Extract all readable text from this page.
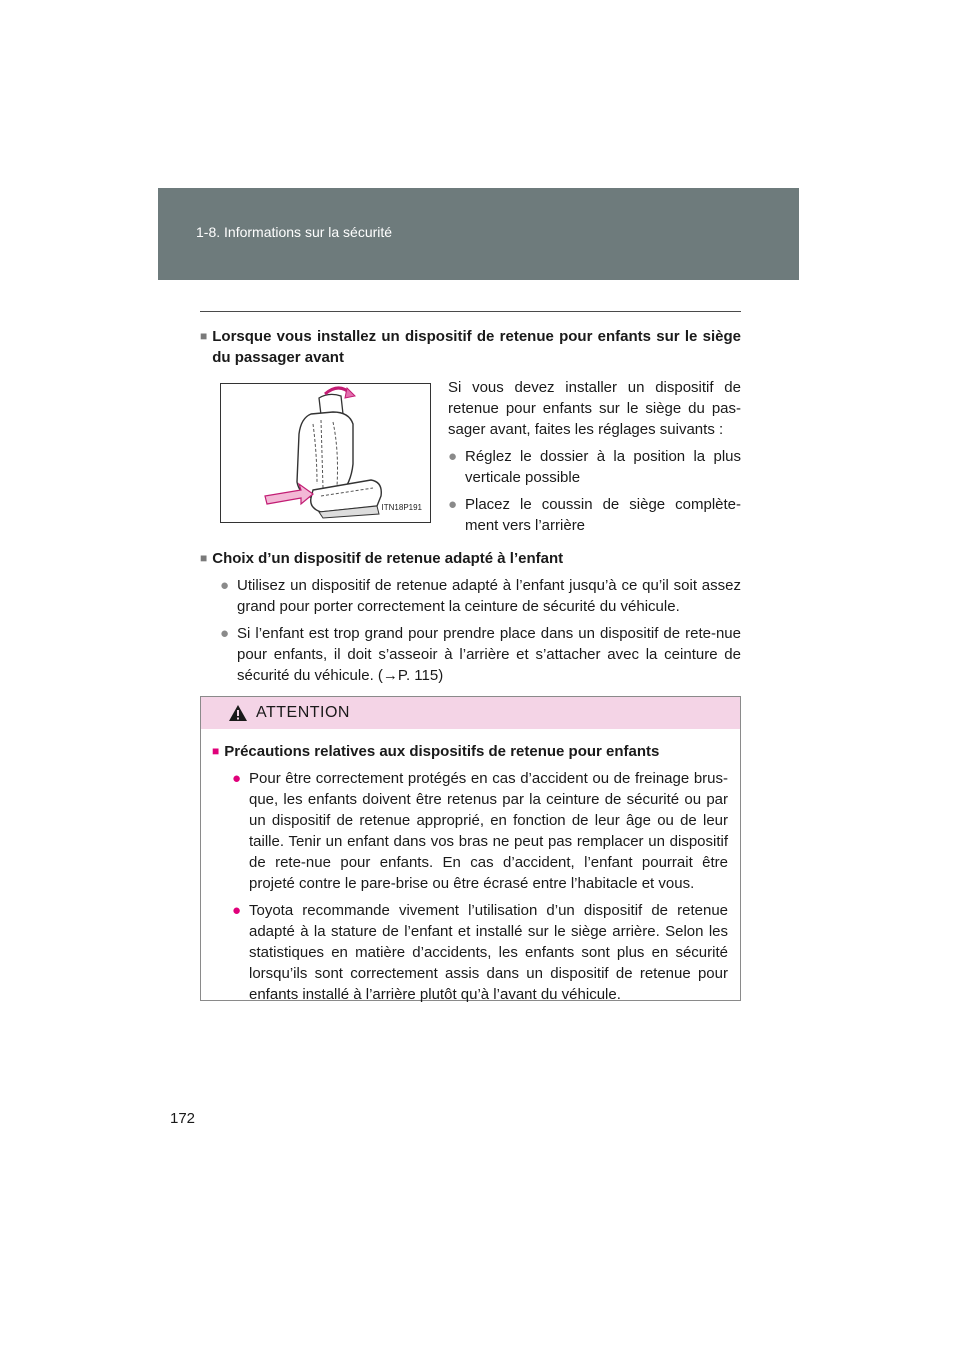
1-8. Informations sur la sécurité
■ Lorsque vous installez un dispositif de retenue pour enfants sur le siège du passager avant
ITN18P191
Si vous devez installer un dispositif de retenue pour enfants sur le siège du pas-sager avant, faites les réglages suivants :
● Réglez le dossier à la position la plus verticale possible
● Placez le coussin de siège complète-ment vers l’arrière
■ Choix d’un dispositif de retenue adapté à l’enfant
● Utilisez un dispositif de retenue adapté à l’enfant jusqu’à ce qu’il soit assez grand pour porter correctement la ceinture de sécurité du véhicule.
● Si l’enfant est trop grand pour prendre place dans un dispositif de rete-nue pour enfants, il doit s’asseoir à l’arrière et s’attacher avec la ceinture de sécurité du véhicule. (→P. 115)
ATTENTION
■ Précautions relatives aux dispositifs de retenue pour enfants
● Pour être correctement protégés en cas d’accident ou de freinage brus-que, les enfants doivent être retenus par la ceinture de sécurité ou par un dispositif de retenue approprié, en fonction de leur âge ou de leur taille. Tenir un enfant dans vos bras ne peut pas remplacer un dispositif de rete-nue pour enfants. En cas d’accident, l’enfant pourrait être projeté contre le pare-brise ou être écrasé entre l’habitacle et vous.
● Toyota recommande vivement l’utilisation d’un dispositif de retenue adapté à la stature de l’enfant et installé sur le siège arrière. Selon les statistiques en matière d’accidents, les enfants sont plus en sécurité lorsqu’ils sont correctement assis dans un dispositif de retenue pour enfants installé à l’arrière plutôt qu’à l’avant du véhicule.
172
